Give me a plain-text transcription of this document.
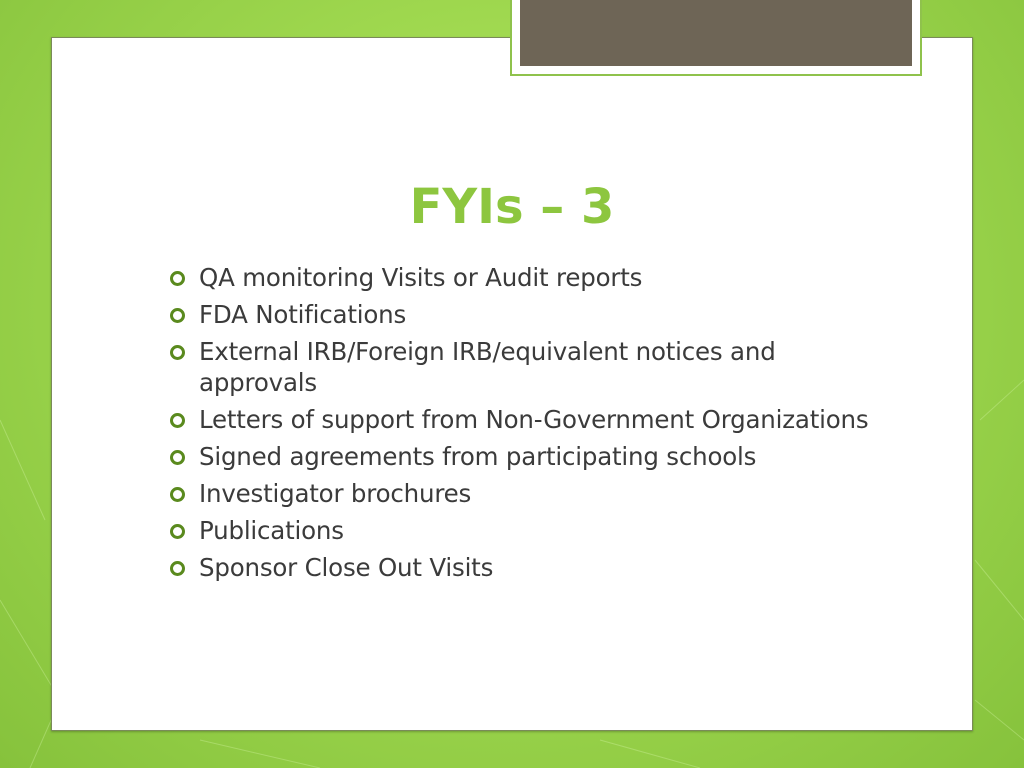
FYIs – 3
QA monitoring Visits or Audit reports
FDA Notifications
External IRB/Foreign IRB/equivalent notices and approvals
Letters of support from Non-Government Organizations
Signed agreements from participating schools
Investigator brochures
Publications
Sponsor Close Out Visits
